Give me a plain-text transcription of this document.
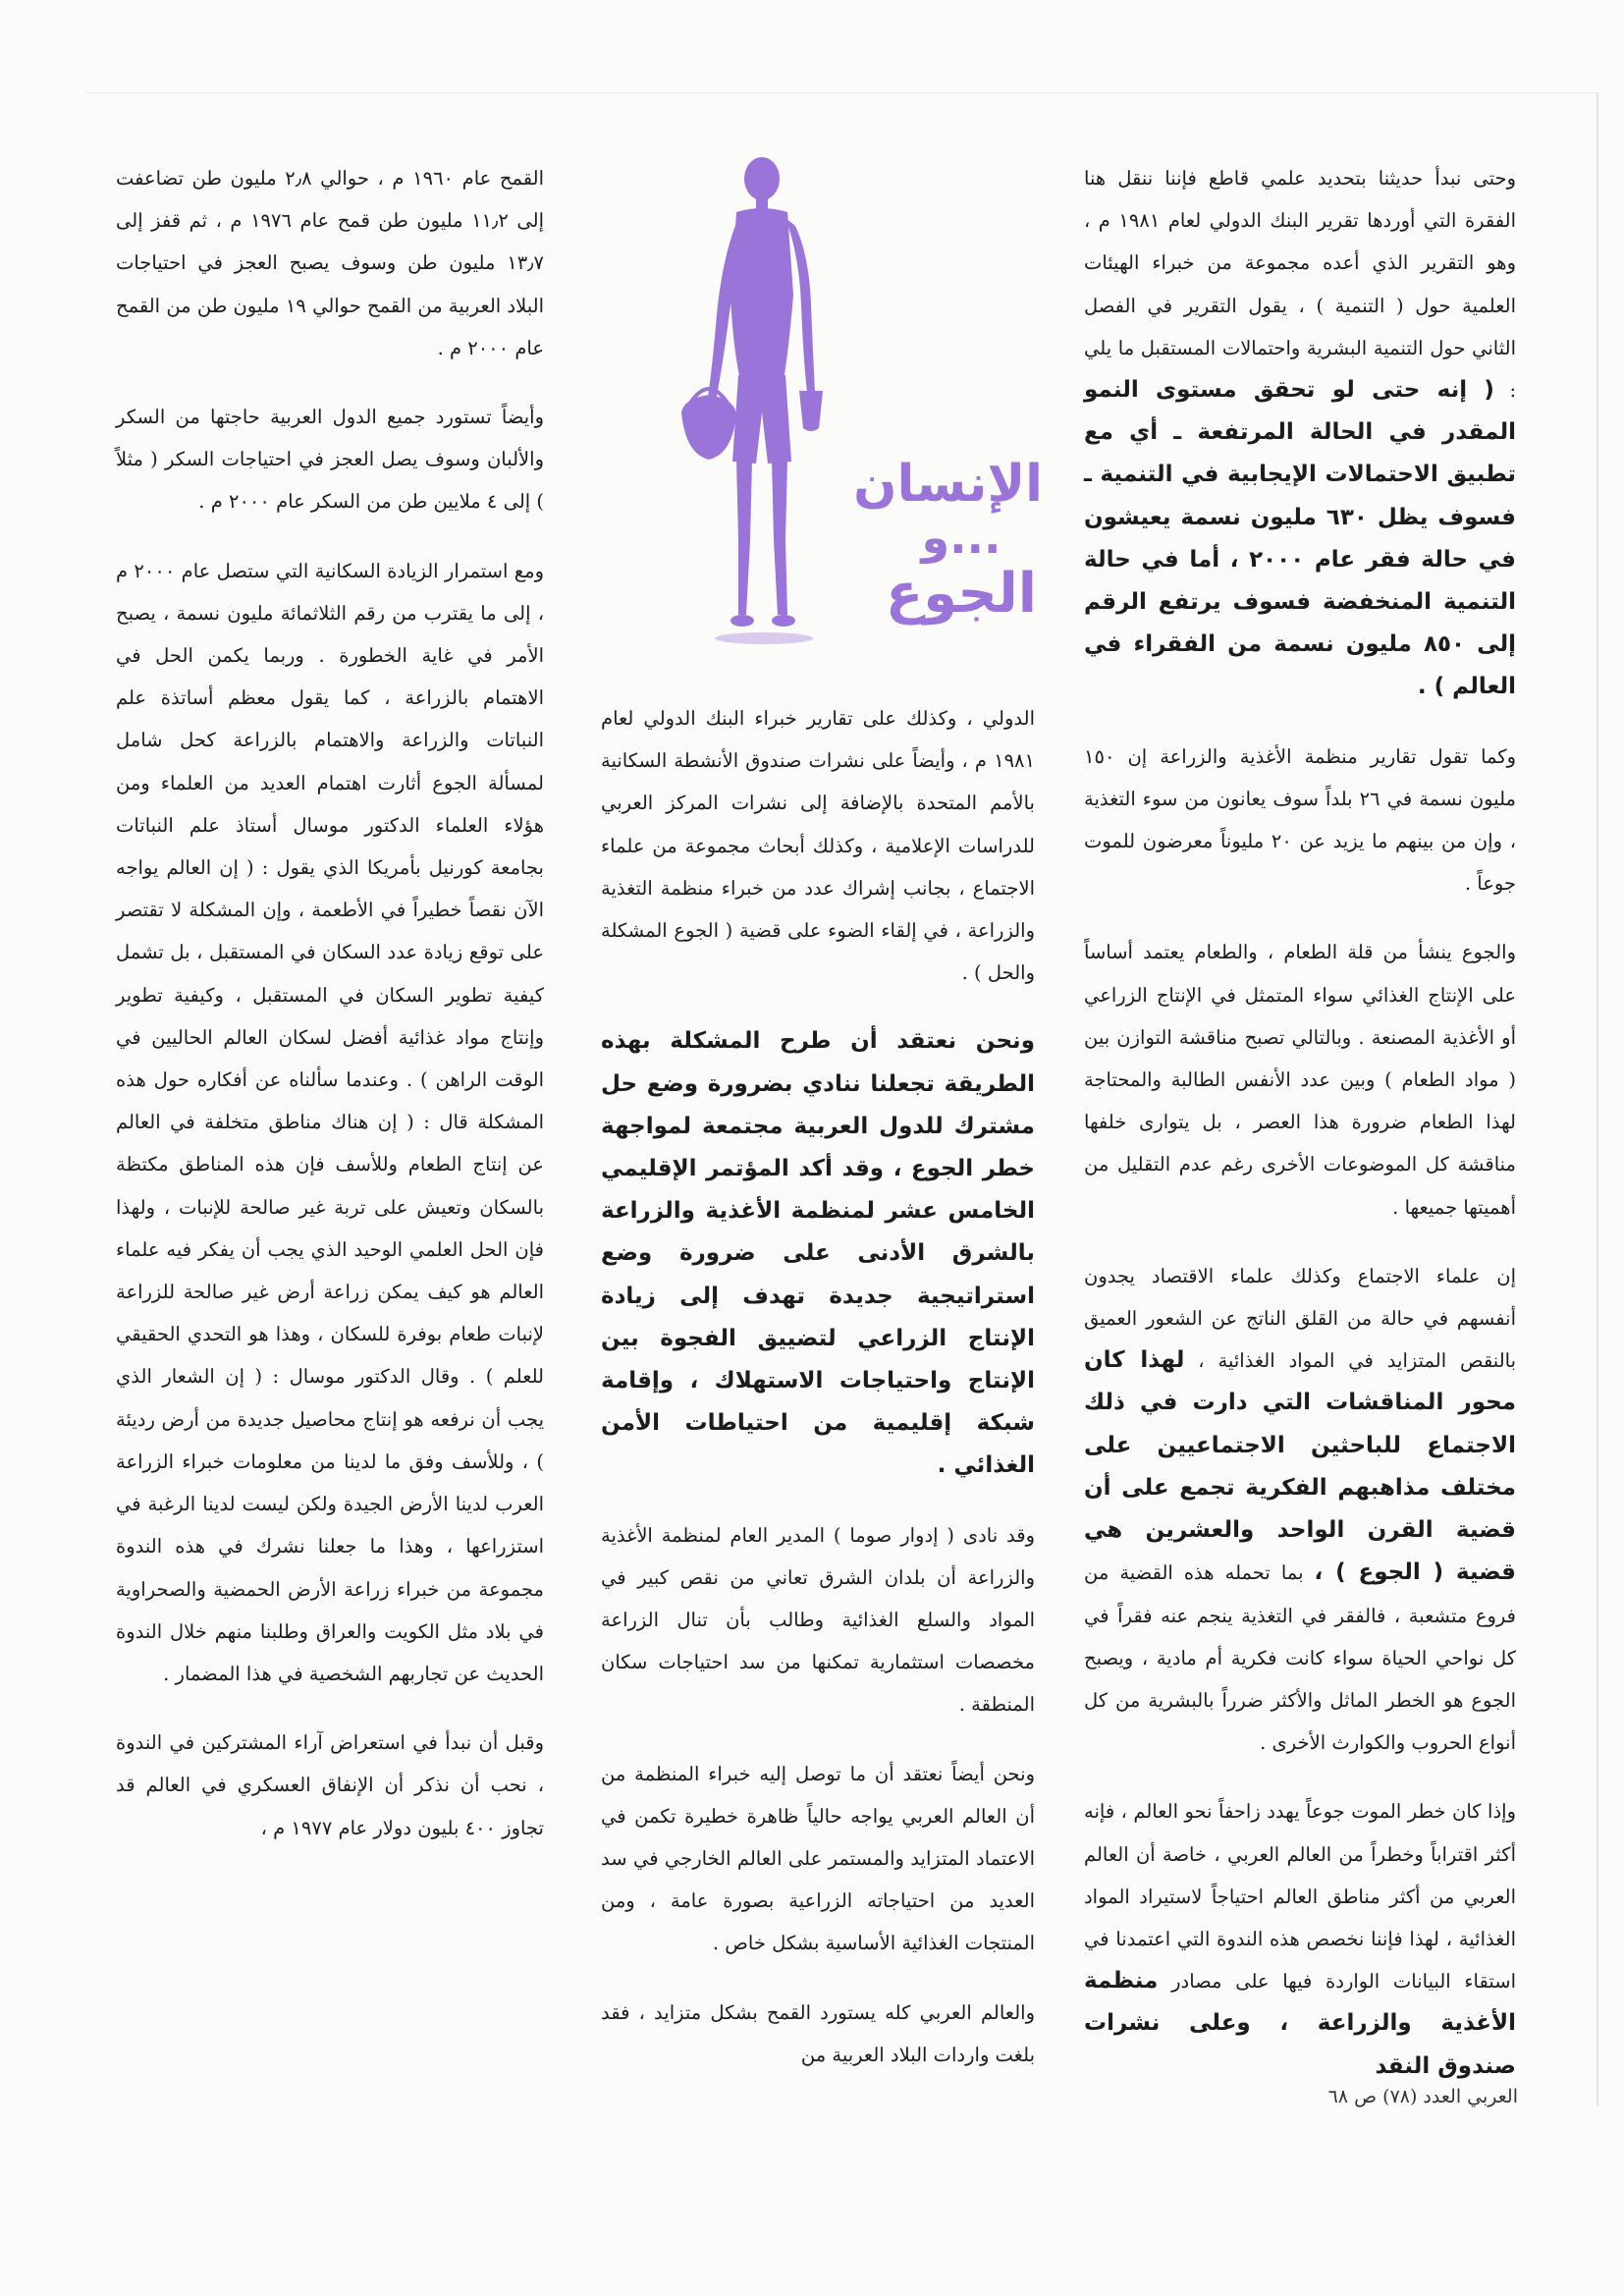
الإنسان
...و
الجوع

وحتى نبدأ حديثنا بتحديد علمي قاطع فإننا ننقل هنا الفقرة التي أوردها تقرير البنك الدولي لعام ١٩٨١ م ، وهو التقرير الذي أعده مجموعة من خبراء الهيئات العلمية حول ( التنمية ) ، يقول التقرير في الفصل الثاني حول التنمية البشرية واحتمالات المستقبل ما يلي : ( إنه حتى لو تحقق مستوى النمو المقدر في الحالة المرتفعة ـ أي مع تطبيق الاحتمالات الإيجابية في التنمية ـ فسوف يظل ٦٣٠ مليون نسمة يعيشون في حالة فقر عام ٢٠٠٠ ، أما في حالة التنمية المنخفضة فسوف يرتفع الرقم إلى ٨٥٠ مليون نسمة من الفقراء في العالم ) .

وكما تقول تقارير منظمة الأغذية والزراعة إن ١٥٠ مليون نسمة في ٢٦ بلداً سوف يعانون من سوء التغذية ، وإن من بينهم ما يزيد عن ٢٠ مليوناً معرضون للموت جوعاً .

والجوع ينشأ من قلة الطعام ، والطعام يعتمد أساساً على الإنتاج الغذائي سواء المتمثل في الإنتاج الزراعي أو الأغذية المصنعة . وبالتالي تصبح مناقشة التوازن بين ( مواد الطعام ) وبين عدد الأنفس الطالبة والمحتاجة لهذا الطعام ضرورة هذا العصر ، بل يتوارى خلفها مناقشة كل الموضوعات الأخرى رغم عدم التقليل من أهميتها جميعها .

إن علماء الاجتماع وكذلك علماء الاقتصاد يجدون أنفسهم في حالة من القلق الناتج عن الشعور العميق بالنقص المتزايد في المواد الغذائية ، لهذا كان محور المناقشات التي دارت في ذلك الاجتماع للباحثين الاجتماعيين على مختلف مذاهبهم الفكرية تجمع على أن قضية القرن الواحد والعشرين هي قضية ( الجوع ) ، بما تحمله هذه القضية من فروع متشعبة ، فالفقر في التغذية ينجم عنه فقراً في كل نواحي الحياة سواء كانت فكرية أم مادية ، ويصبح الجوع هو الخطر الماثل والأكثر ضرراً بالبشرية من كل أنواع الحروب والكوارث الأخرى .

وإذا كان خطر الموت جوعاً يهدد زاحفاً نحو العالم ، فإنه أكثر اقتراباً وخطراً من العالم العربي ، خاصة أن العالم العربي من أكثر مناطق العالم احتياجاً لاستيراد المواد الغذائية ، لهذا فإننا نخصص هذه الندوة التي اعتمدنا في استقاء البيانات الواردة فيها على مصادر منظمة الأغذية والزراعة ، وعلى نشرات صندوق النقد

الدولي ، وكذلك على تقارير خبراء البنك الدولي لعام ١٩٨١ م ، وأيضاً على نشرات صندوق الأنشطة السكانية بالأمم المتحدة بالإضافة إلى نشرات المركز العربي للدراسات الإعلامية ، وكذلك أبحاث مجموعة من علماء الاجتماع ، بجانب إشراك عدد من خبراء منظمة التغذية والزراعة ، في إلقاء الضوء على قضية ( الجوع المشكلة والحل ) .

ونحن نعتقد أن طرح المشكلة بهذه الطريقة تجعلنا ننادي بضرورة وضع حل مشترك للدول العربية مجتمعة لمواجهة خطر الجوع ، وقد أكد المؤتمر الإقليمي الخامس عشر لمنظمة الأغذية والزراعة بالشرق الأدنى على ضرورة وضع استراتيجية جديدة تهدف إلى زيادة الإنتاج الزراعي لتضييق الفجوة بين الإنتاج واحتياجات الاستهلاك ، وإقامة شبكة إقليمية من احتياطات الأمن الغذائي .

وقد نادى ( إدوار صوما ) المدير العام لمنظمة الأغذية والزراعة أن بلدان الشرق تعاني من نقص كبير في المواد والسلع الغذائية وطالب بأن تنال الزراعة مخصصات استثمارية تمكنها من سد احتياجات سكان المنطقة .

ونحن أيضاً نعتقد أن ما توصل إليه خبراء المنظمة من أن العالم العربي يواجه حالياً ظاهرة خطيرة تكمن في الاعتماد المتزايد والمستمر على العالم الخارجي في سد العديد من احتياجاته الزراعية بصورة عامة ، ومن المنتجات الغذائية الأساسية بشكل خاص .

والعالم العربي كله يستورد القمح بشكل متزايد ، فقد بلغت واردات البلاد العربية من

القمح عام ١٩٦٠ م ، حوالي ٢٫٨ مليون طن تضاعفت إلى ١١٫٢ مليون طن قمح عام ١٩٧٦ م ، ثم قفز إلى ١٣٫٧ مليون طن وسوف يصبح العجز في احتياجات البلاد العربية من القمح حوالي ١٩ مليون طن من القمح عام ٢٠٠٠ م .

وأيضاً تستورد جميع الدول العربية حاجتها من السكر والألبان وسوف يصل العجز في احتياجات السكر ( مثلاً ) إلى ٤ ملايين طن من السكر عام ٢٠٠٠ م .

ومع استمرار الزيادة السكانية التي ستصل عام ٢٠٠٠ م ، إلى ما يقترب من رقم الثلاثمائة مليون نسمة ، يصبح الأمر في غاية الخطورة . وربما يكمن الحل في الاهتمام بالزراعة ، كما يقول معظم أساتذة علم النباتات والزراعة والاهتمام بالزراعة كحل شامل لمسألة الجوع أثارت اهتمام العديد من العلماء ومن هؤلاء العلماء الدكتور موسال أستاذ علم النباتات بجامعة كورنيل بأمريكا الذي يقول : ( إن العالم يواجه الآن نقصاً خطيراً في الأطعمة ، وإن المشكلة لا تقتصر على توقع زيادة عدد السكان في المستقبل ، بل تشمل كيفية تطوير السكان في المستقبل ، وكيفية تطوير وإنتاج مواد غذائية أفضل لسكان العالم الحاليين في الوقت الراهن ) . وعندما سألناه عن أفكاره حول هذه المشكلة قال : ( إن هناك مناطق متخلفة في العالم عن إنتاج الطعام وللأسف فإن هذه المناطق مكتظة بالسكان وتعيش على تربة غير صالحة للإنبات ، ولهذا فإن الحل العلمي الوحيد الذي يجب أن يفكر فيه علماء العالم هو كيف يمكن زراعة أرض غير صالحة للزراعة لإنبات طعام بوفرة للسكان ، وهذا هو التحدي الحقيقي للعلم ) . وقال الدكتور موسال : ( إن الشعار الذي يجب أن نرفعه هو إنتاج محاصيل جديدة من أرض رديئة ) ، وللأسف وفق ما لدينا من معلومات خبراء الزراعة العرب لدينا الأرض الجيدة ولكن ليست لدينا الرغبة في استزراعها ، وهذا ما جعلنا نشرك في هذه الندوة مجموعة من خبراء زراعة الأرض الحمضية والصحراوية في بلاد مثل الكويت والعراق وطلبنا منهم خلال الندوة الحديث عن تجاربهم الشخصية في هذا المضمار .

وقبل أن نبدأ في استعراض آراء المشتركين في الندوة ، نحب أن نذكر أن الإنفاق العسكري في العالم قد تجاوز ٤٠٠ بليون دولار عام ١٩٧٧ م ،

العربي العدد (٧٨) ص ٦٨
